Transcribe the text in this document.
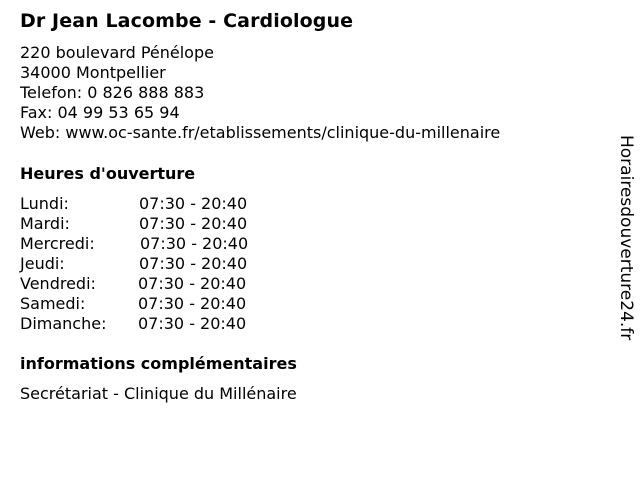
Dr Jean Lacombe - Cardiologue
220 boulevard Pénélope
34000 Montpellier
Telefon: 0 826 888 883
Fax: 04 99 53 65 94
Web: www.oc-sante.fr/etablissements/clinique-du-millenaire
Heures d'ouverture
Lundi:	07:30 - 20:40
Mardi:	07:30 - 20:40
Mercredi:	07:30 - 20:40
Jeudi:	07:30 - 20:40
Vendredi:	07:30 - 20:40
Samedi:	07:30 - 20:40
Dimanche: 07:30 - 20:40
informations complémentaires
Secrétariat - Clinique du Millénaire
Horairesdouverture24.fr
